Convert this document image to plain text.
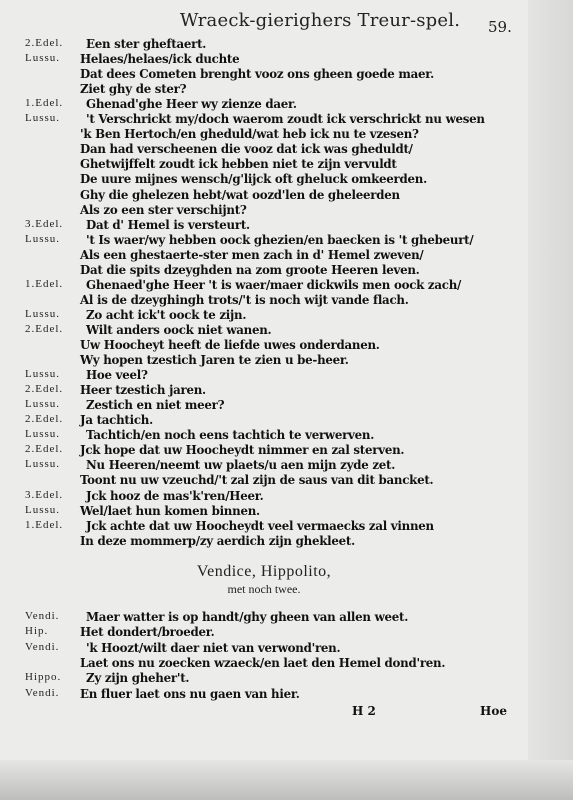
Wraeck-gierighers Treur-spel.	59.
2.Edel. Een ster gheftaert.
Lussu. Helaes/helaes/ick duchte
Dat dees Cometen brenght vooz ons gheen goede maer.
Ziet ghy de ster?
1.Edel. Ghenad'ghe Heer wy zienze daer.
Lussu. 't Verschrickt my/doch waerom zoudt ick verschrickt nu wesen
'k Ben Hertoch/en gheduld/wat heb ick nu te vzesen?
Dan had verscheenen die vooz dat ick was gheduldt/
Ghetwijffelt zoudt ick hebben niet te zijn vervuldt
De uure mijnes wensch/g'lijck oft gheluck omkeerden.
Ghy die ghelezen hebt/wat oozd'len de gheleerden
Als zo een ster verschijnt?
3.Edel. Dat d' Hemel is versteurt.
Lussu. 't Is waer/wy hebben oock ghezien/en baecken is 't ghebeurt/
Als een ghestaerte-ster men zach in d' Hemel zweven/
Dat die spits dzeyghden na zom groote Heeren leven.
1.Edel. Ghenaed'ghe Heer 't is waer/maer dickwils men oock zach/
Al is de dzeyghingh trots/'t is noch wijt vande flach.
Lussu. Zo acht ick't oock te zijn.
2.Edel. Wilt anders oock niet wanen.
Uw Hoocheyt heeft de liefde uwes onderdanen.
Wy hopen tzestich Jaren te zien u be-heer.
Lussu. Hoe veel?
2.Edel. Heer tzestich jaren.
Lussu. Zestich en niet meer?
2.Edel. Ja tachtich.
Lussu. Tachtich/en noch eens tachtich te verwerven.
2.Edel. Jck hope dat uw Hoocheydt nimmer en zal sterven.
Lussu. Nu Heeren/neemt uw plaets/u aen mijn zyde zet.
Toont nu uw vzeuchd/'t zal zijn de saus van dit bancket.
3.Edel. Jck hooz de mas'k'ren/Heer.
Lussu. Wel/laet hun komen binnen.
1.Edel. Jck achte dat uw Hoocheydt veel vermaecks zal vinnen
In deze mommerp/zy aerdich zijn ghekleet.
Vendice, Hippolito,
met noch twee.
Vendi. Maer watter is op handt/ghy gheen van allen weet.
Hip.	Het dondert/broeder.
Vendi. 'k Hoozt/wilt daer niet van verwond'ren.
Laet ons nu zoecken wzaeck/en laet den Hemel dond'ren.
Hippo. Zy zijn gheher't.
Vendi. En fluer laet ons nu gaen van hier.
H 2	Hoe
